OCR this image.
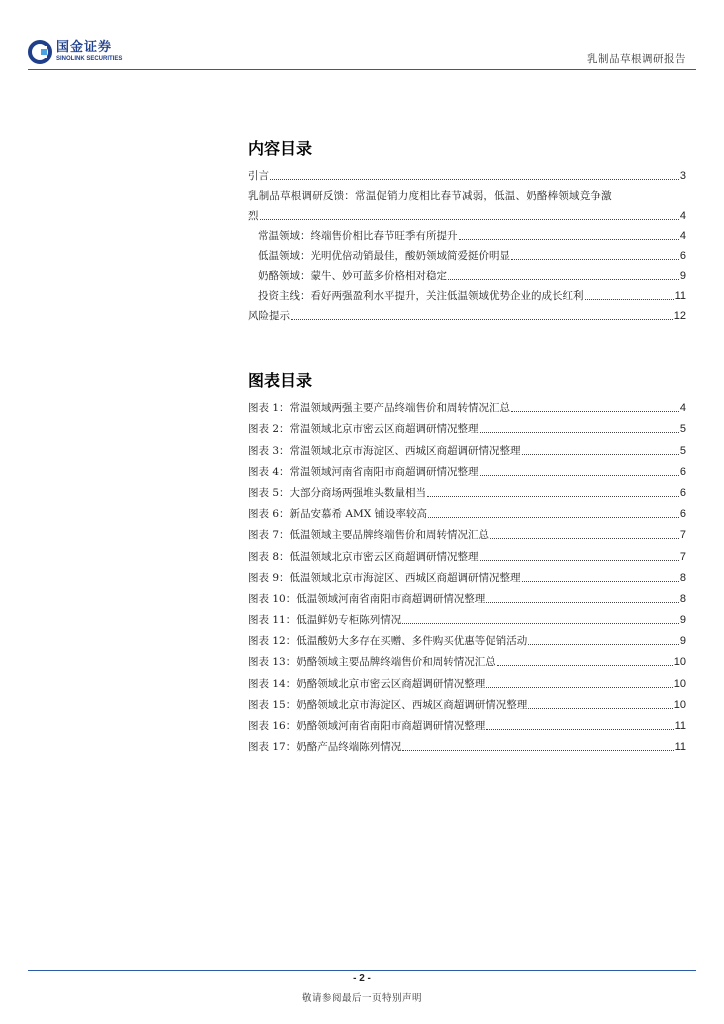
国金证券
SINOLINK SECURITIES	乳制品草根调研报告
内容目录
引言	3
乳制品草根调研反馈：常温促销力度相比春节减弱，低温、奶酪棒领域竞争激
烈	4
常温领域：终端售价相比春节旺季有所提升	4
低温领域：光明优倍动销最佳，酸奶领域简爱挺价明显	6
奶酪领域：蒙牛、妙可蓝多价格相对稳定	9
投资主线：看好两强盈利水平提升，关注低温领域优势企业的成长红利	11
风险提示	12
图表目录
图表 1：常温领域两强主要产品终端售价和周转情况汇总	4
图表 2：常温领域北京市密云区商超调研情况整理	5
图表 3：常温领域北京市海淀区、西城区商超调研情况整理	5
图表 4：常温领域河南省南阳市商超调研情况整理	6
图表 5：大部分商场两强堆头数量相当	6
图表 6：新品安慕希 AMX 铺设率较高	6
图表 7：低温领域主要品牌终端售价和周转情况汇总	7
图表 8：低温领域北京市密云区商超调研情况整理	7
图表 9：低温领域北京市海淀区、西城区商超调研情况整理	8
图表 10：低温领域河南省南阳市商超调研情况整理	8
图表 11：低温鲜奶专柜陈列情况	9
图表 12：低温酸奶大多存在买赠、多件购买优惠等促销活动	9
图表 13：奶酪领域主要品牌终端售价和周转情况汇总	10
图表 14：奶酪领域北京市密云区商超调研情况整理	10
图表 15：奶酪领域北京市海淀区、西城区商超调研情况整理	10
图表 16：奶酪领域河南省南阳市商超调研情况整理	11
图表 17：奶酪产品终端陈列情况	11
- 2 -
敬请参阅最后一页特别声明
